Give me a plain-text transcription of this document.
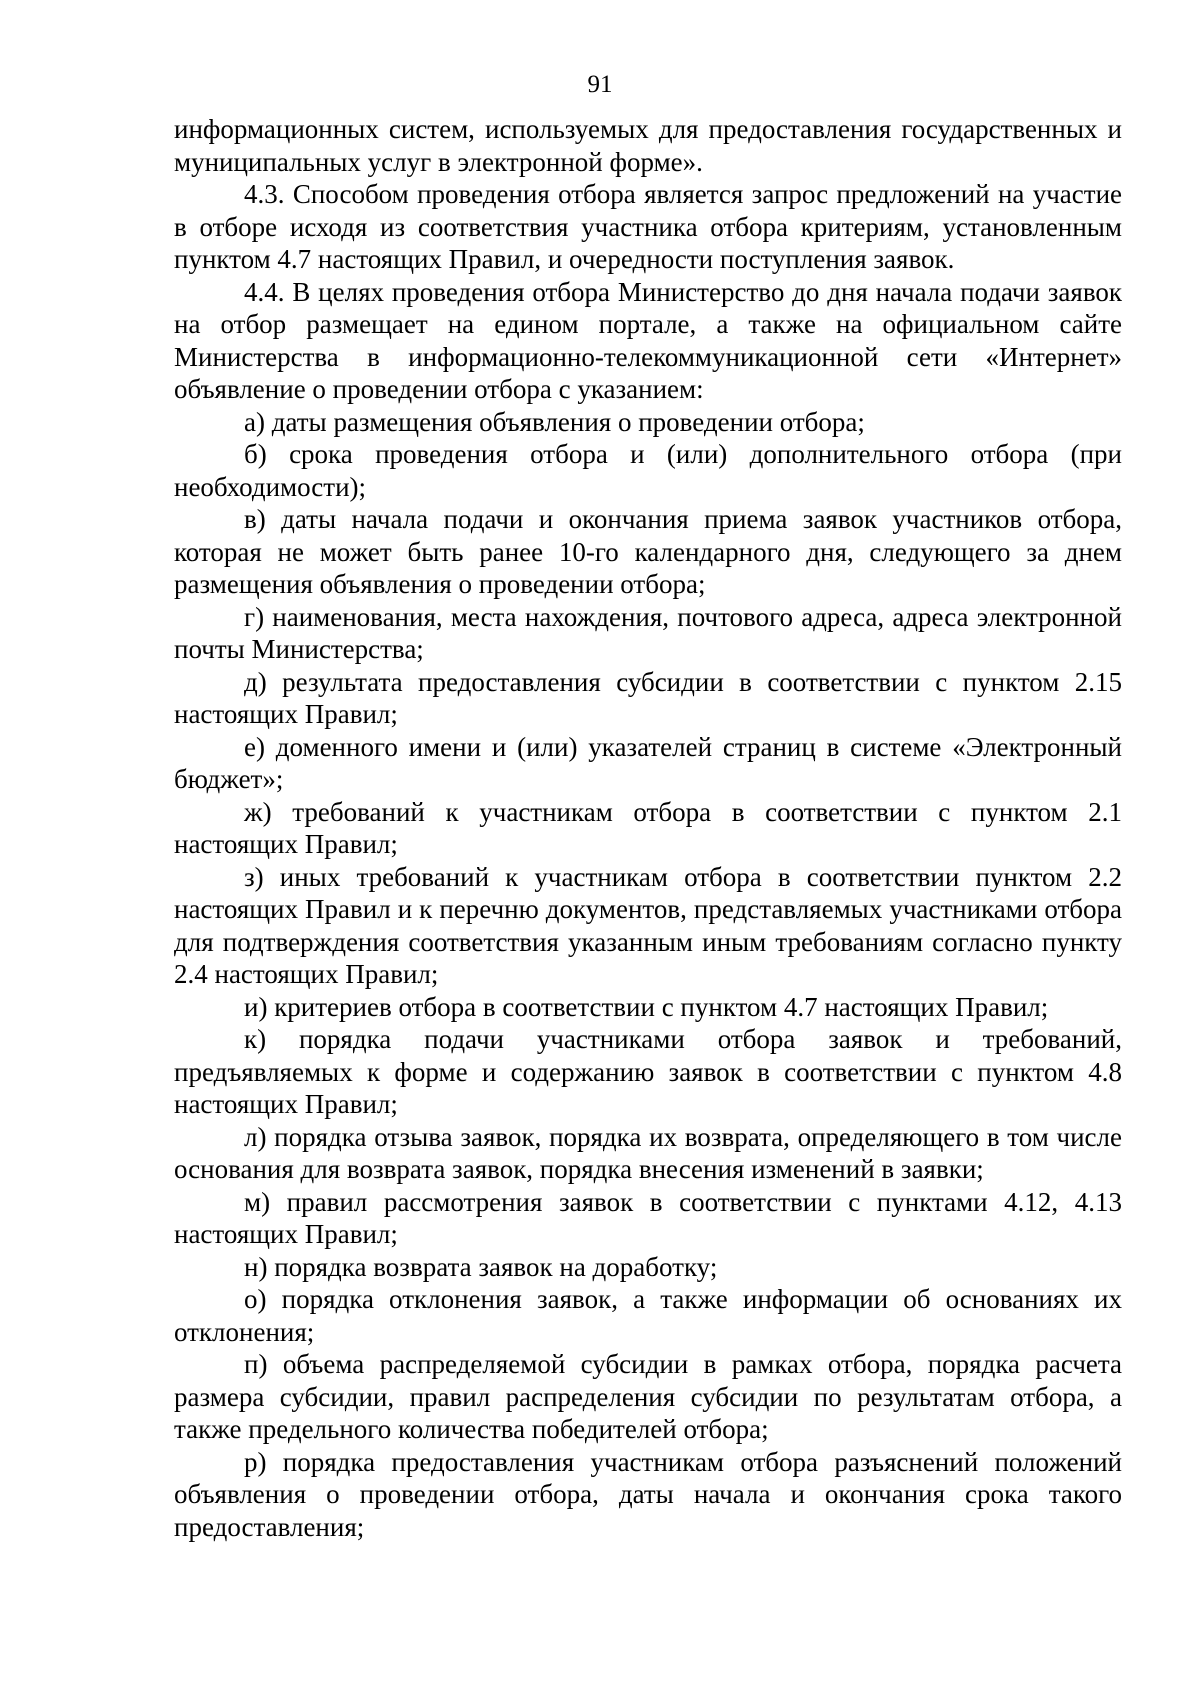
91

информационных систем, используемых для предоставления государственных и муниципальных услуг в электронной форме».

4.3. Способом проведения отбора является запрос предложений на участие в отборе исходя из соответствия участника отбора критериям, установленным пунктом 4.7 настоящих Правил, и очередности поступления заявок.

4.4. В целях проведения отбора Министерство до дня начала подачи заявок на отбор размещает на едином портале, а также на официальном сайте Министерства в информационно-телекоммуникационной сети «Интернет» объявление о проведении отбора с указанием:

а) даты размещения объявления о проведении отбора;

б) срока проведения отбора и (или) дополнительного отбора (при необходимости);

в) даты начала подачи и окончания приема заявок участников отбора, которая не может быть ранее 10-го календарного дня, следующего за днем размещения объявления о проведении отбора;

г) наименования, места нахождения, почтового адреса, адреса электронной почты Министерства;

д) результата предоставления субсидии в соответствии с пунктом 2.15 настоящих Правил;

е) доменного имени и (или) указателей страниц в системе «Электронный бюджет»;

ж) требований к участникам отбора в соответствии с пунктом 2.1 настоящих Правил;

з) иных требований к участникам отбора в соответствии пунктом 2.2 настоящих Правил и к перечню документов, представляемых участниками отбора для подтверждения соответствия указанным иным требованиям согласно пункту 2.4 настоящих Правил;

и) критериев отбора в соответствии с пунктом 4.7 настоящих Правил;

к) порядка подачи участниками отбора заявок и требований, предъявляемых к форме и содержанию заявок в соответствии с пунктом 4.8 настоящих Правил;

л) порядка отзыва заявок, порядка их возврата, определяющего в том числе основания для возврата заявок, порядка внесения изменений в заявки;

м) правил рассмотрения заявок в соответствии с пунктами 4.12, 4.13 настоящих Правил;

н) порядка возврата заявок на доработку;

о) порядка отклонения заявок, а также информации об основаниях их отклонения;

п) объема распределяемой субсидии в рамках отбора, порядка расчета размера субсидии, правил распределения субсидии по результатам отбора, а также предельного количества победителей отбора;

р) порядка предоставления участникам отбора разъяснений положений объявления о проведении отбора, даты начала и окончания срока такого предоставления;
